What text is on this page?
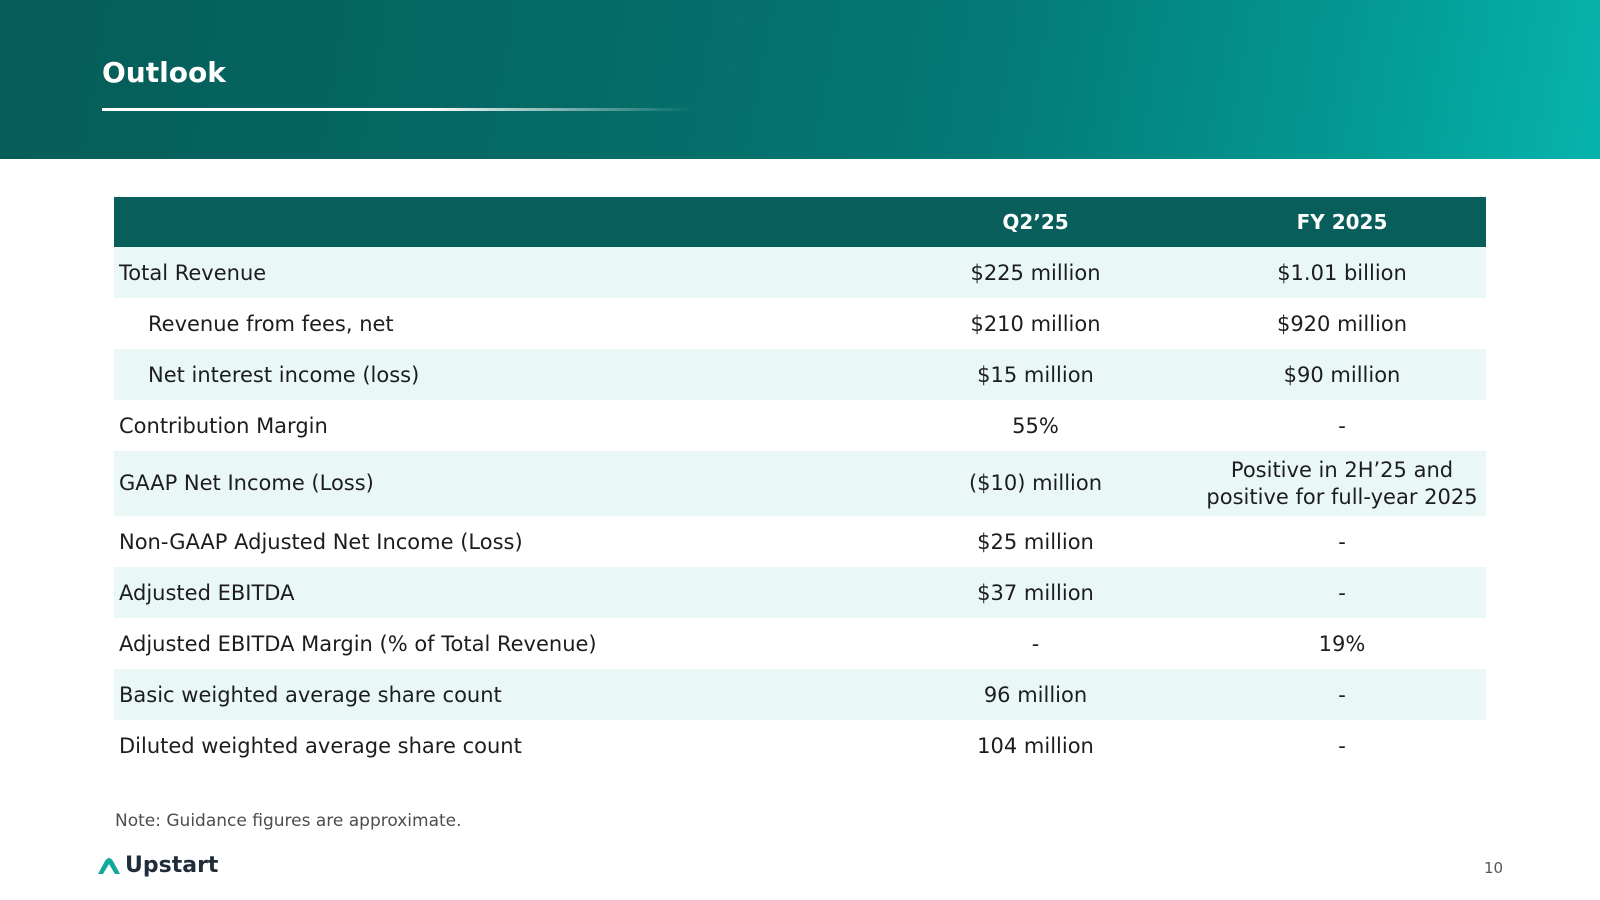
Outlook
	Q2’25	FY 2025
Total Revenue	$225 million	$1.01 billion
Revenue from fees, net	$210 million	$920 million
Net interest income (loss)	$15 million	$90 million
Contribution Margin	55%	-
GAAP Net Income (Loss)	($10) million	Positive in 2H’25 and
positive for full-year 2025

Non-GAAP Adjusted Net Income (Loss)	$25 million	-
Adjusted EBITDA	$37 million	-
Adjusted EBITDA Margin (% of Total Revenue)	-	19%
Basic weighted average share count	96 million	-
Diluted weighted average share count	104 million	-
Note: Guidance figures are approximate.
Upstart	10
